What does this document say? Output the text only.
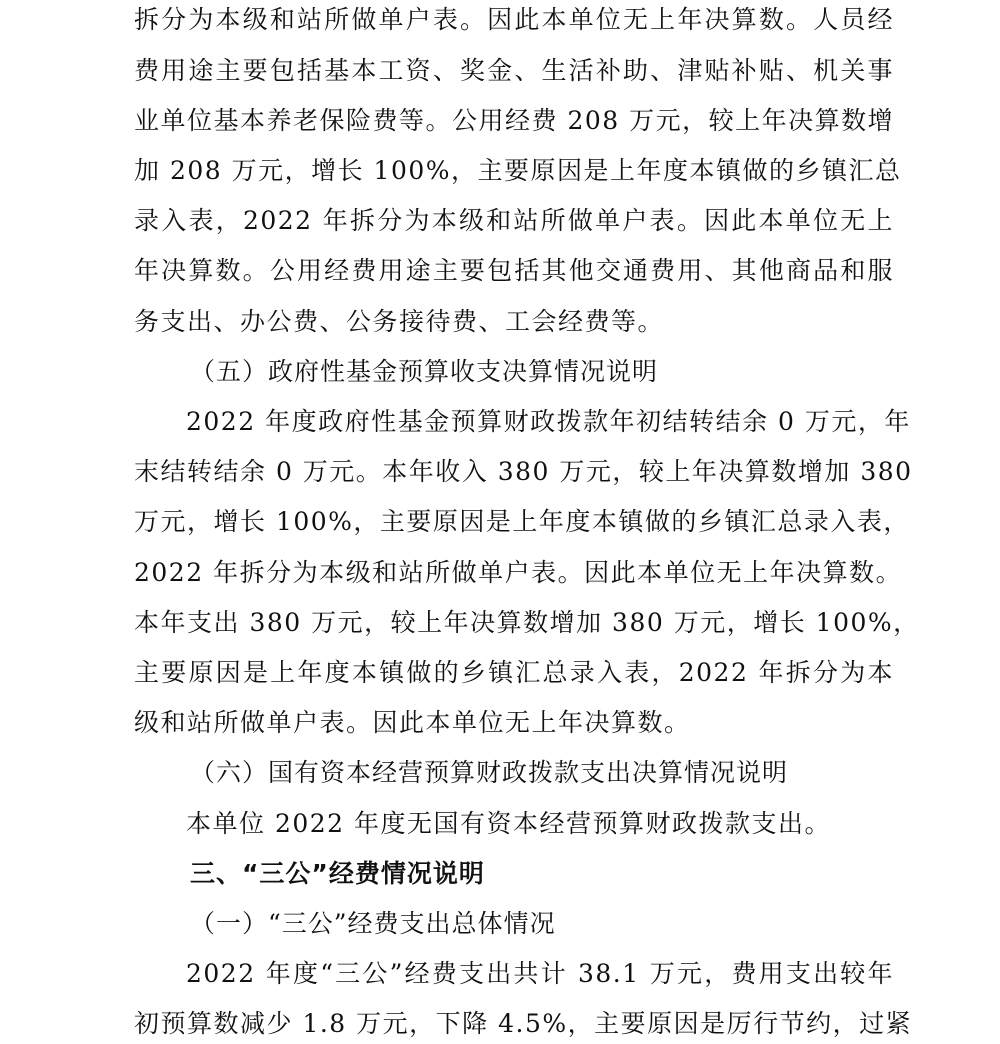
拆分为本级和站所做单户表。因此本单位无上年决算数。人员经
费用途主要包括基本工资、奖金、生活补助、津贴补贴、机关事
业单位基本养老保险费等。公用经费 208 万元，较上年决算数增
加 208 万元，增长 100%，主要原因是上年度本镇做的乡镇汇总
录入表，2022 年拆分为本级和站所做单户表。因此本单位无上
年决算数。公用经费用途主要包括其他交通费用、其他商品和服
务支出、办公费、公务接待费、工会经费等。
（五）政府性基金预算收支决算情况说明
2022 年度政府性基金预算财政拨款年初结转结余 0 万元，年
末结转结余 0 万元。本年收入 380 万元，较上年决算数增加 380
万元，增长 100%，主要原因是上年度本镇做的乡镇汇总录入表，
2022 年拆分为本级和站所做单户表。因此本单位无上年决算数。
本年支出 380 万元，较上年决算数增加 380 万元，增长 100%，
主要原因是上年度本镇做的乡镇汇总录入表，2022 年拆分为本
级和站所做单户表。因此本单位无上年决算数。
（六）国有资本经营预算财政拨款支出决算情况说明
本单位 2022 年度无国有资本经营预算财政拨款支出。
三、“三公”经费情况说明
（一）“三公”经费支出总体情况
2022 年度“三公”经费支出共计 38.1 万元，费用支出较年
初预算数减少 1.8 万元，下降 4.5%，主要原因是厉行节约，过紧
